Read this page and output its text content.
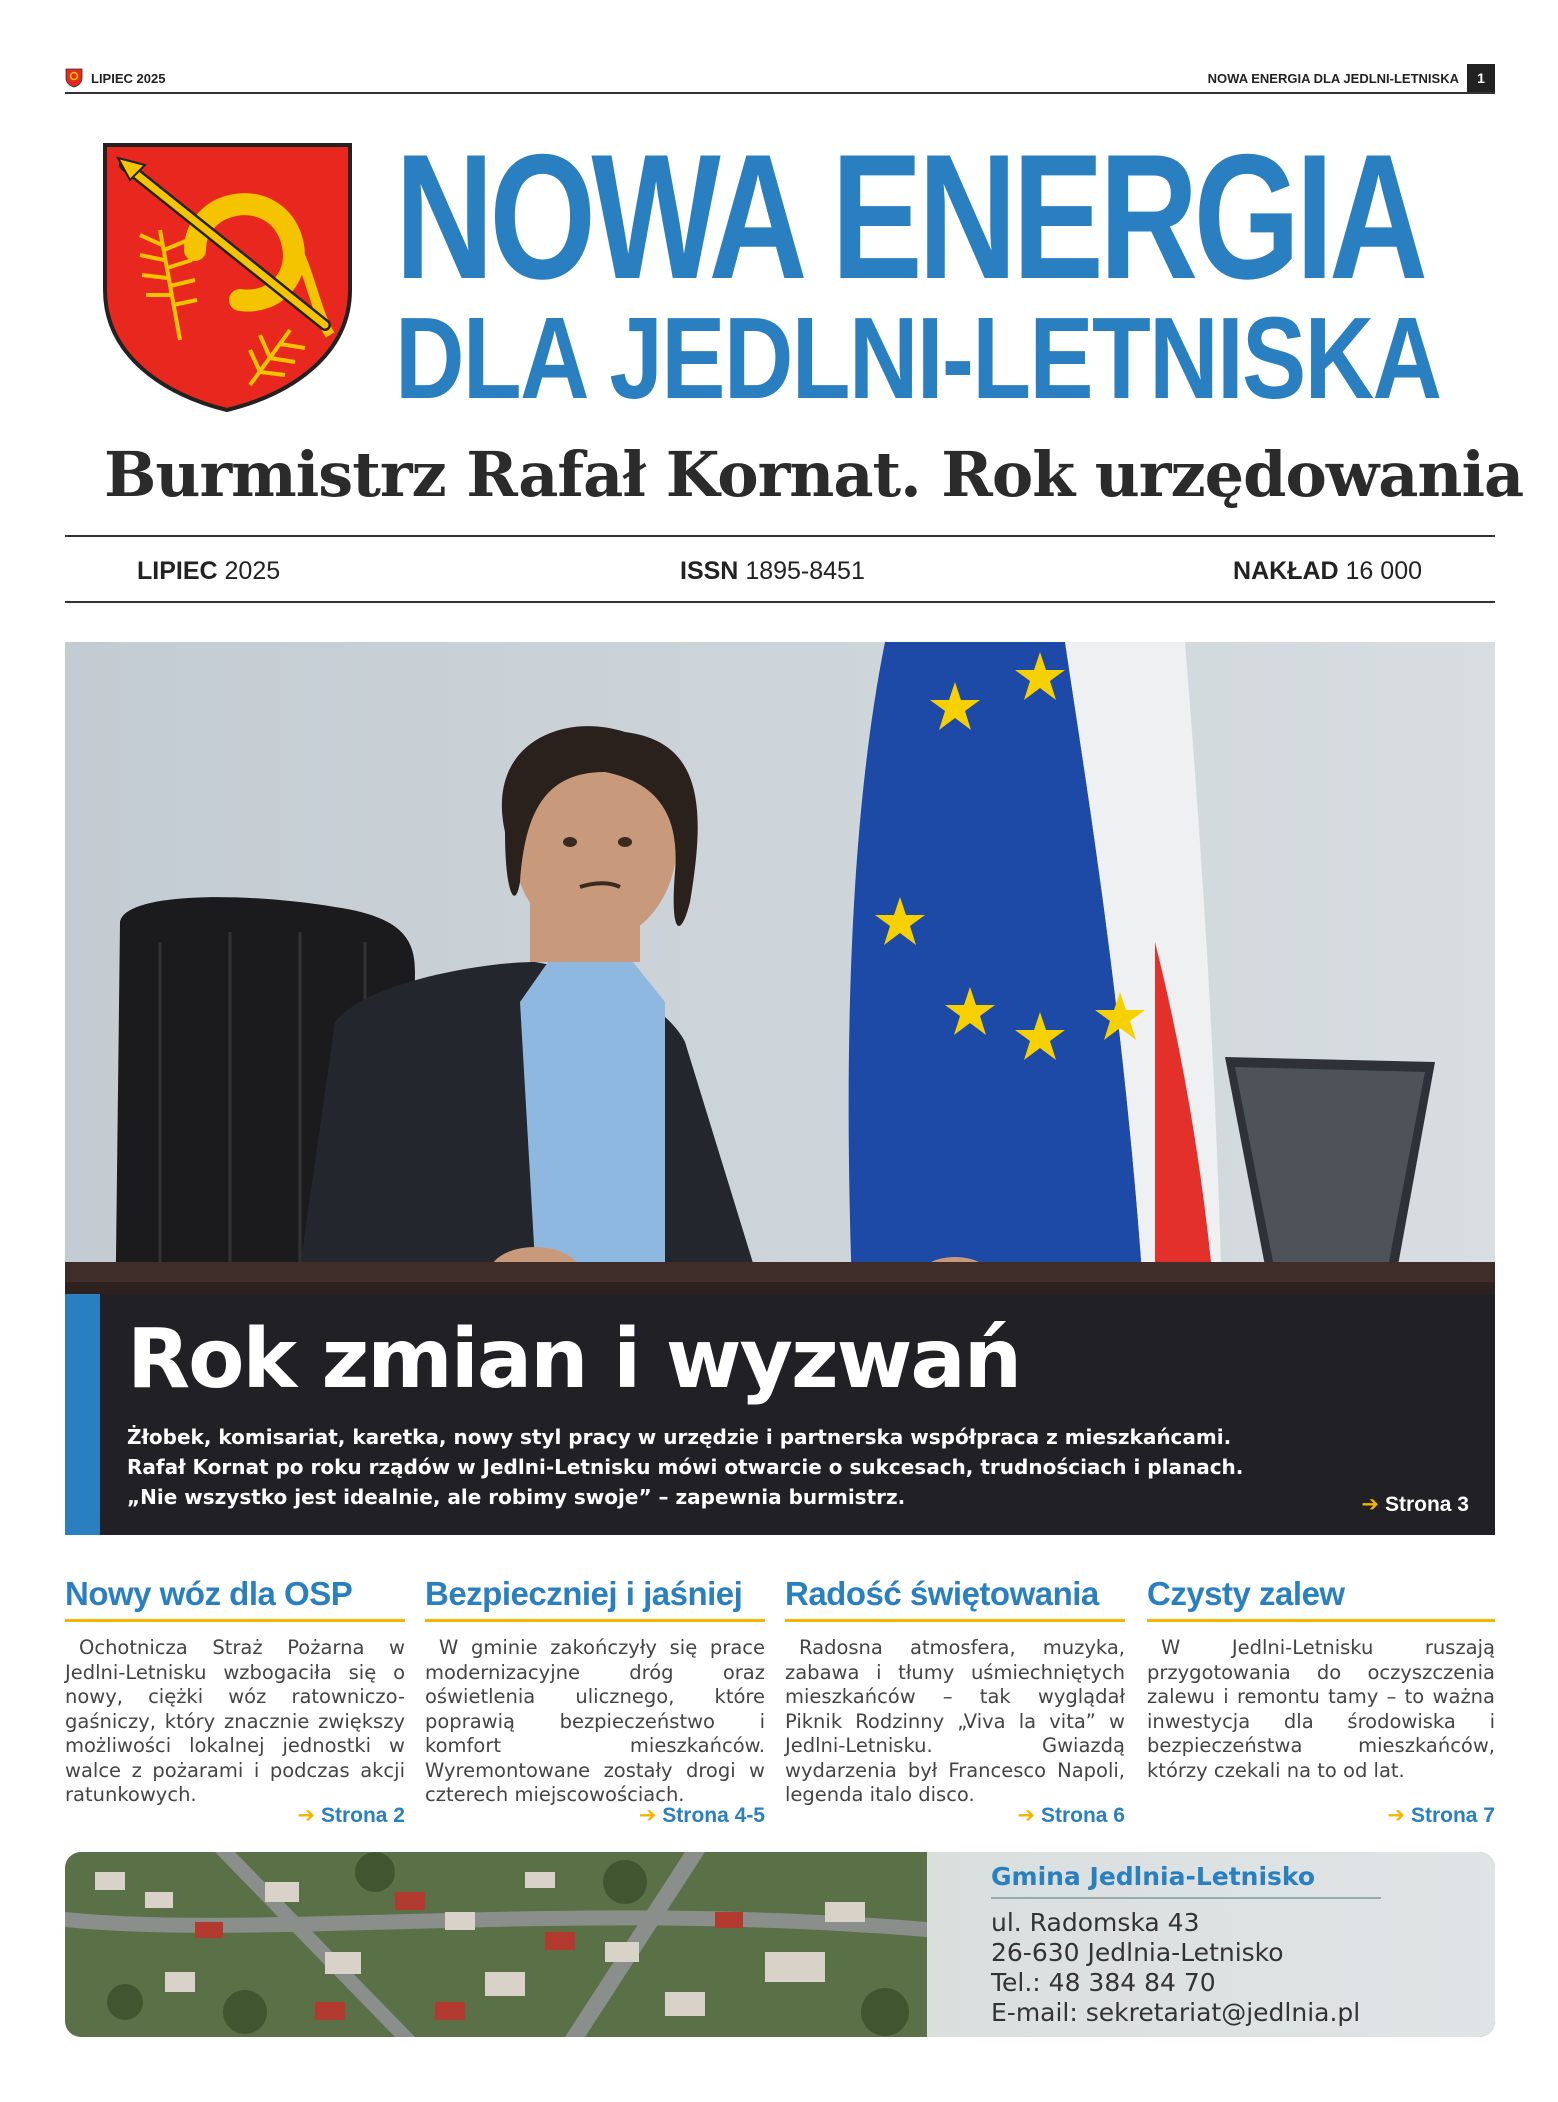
LIPIEC 2025	NOWA ENERGIA DLA JEDLNI-LETNISKA	1
NOWA ENERGIA
DLA JEDLNI-LETNISKA
Burmistrz Rafał Kornat. Rok urzędowania
LIPIEC 2025	ISSN 1895-8451	NAKŁAD 16 000
Rok zmian i wyzwań
Żłobek, komisariat, karetka, nowy styl pracy w urzędzie i partnerska współpraca z mieszkańcami.
Rafał Kornat po roku rządów w Jedlni-Letnisku mówi otwarcie o sukcesach, trudnościach i planach.
„Nie wszystko jest idealnie, ale robimy swoje” – zapewnia burmistrz.	➔ Strona 3
Nowy wóz dla OSP

Ochotnicza Straż Pożarna w Jedlni-Letnisku wzbogaciła się o nowy, ciężki wóz ratowniczo-gaśniczy, który znacznie zwiększy możliwości lokalnej jednostki w walce z pożarami i podczas akcji ratunkowych.

➔ Strona 2
Bezpieczniej i jaśniej

W gminie zakończyły się prace modernizacyjne dróg oraz oświetlenia ulicznego, które poprawią bezpieczeństwo i komfort mieszkańców. Wyremontowane zostały drogi w czterech miejscowościach.

➔ Strona 4-5
Radość świętowania

Radosna atmosfera, muzyka, zabawa i tłumy uśmiechniętych mieszkańców – tak wyglądał Piknik Rodzinny „Viva la vita” w Jedlni-Letnisku. Gwiazdą wydarzenia był Francesco Napoli, legenda italo disco.

➔ Strona 6
Czysty zalew

W Jedlni-Letnisku ruszają przygotowania do oczyszczenia zalewu i remontu tamy – to ważna inwestycja dla środowiska i bezpieczeństwa mieszkańców, którzy czekali na to od lat.

➔ Strona 7
Gmina Jedlnia-Letnisko
ul. Radomska 43
26-630 Jedlnia-Letnisko
Tel.: 48 384 84 70
E-mail: sekretariat@jedlnia.pl
